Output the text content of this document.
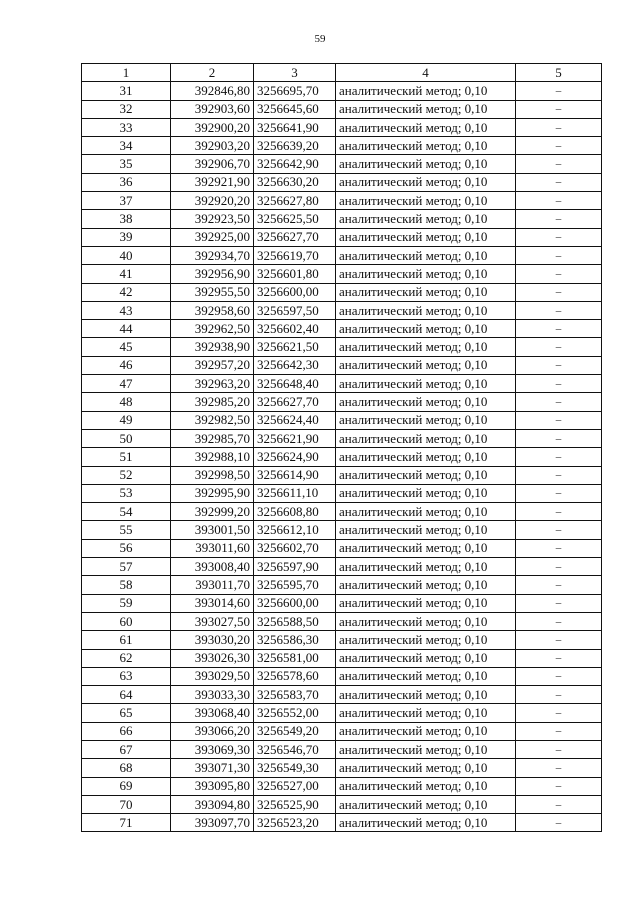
59
1	2	3	4	5
31	392846,80	3256695,70	аналитический метод; 0,10	–
32	392903,60	3256645,60	аналитический метод; 0,10	–
33	392900,20	3256641,90	аналитический метод; 0,10	–
34	392903,20	3256639,20	аналитический метод; 0,10	–
35	392906,70	3256642,90	аналитический метод; 0,10	–
36	392921,90	3256630,20	аналитический метод; 0,10	–
37	392920,20	3256627,80	аналитический метод; 0,10	–
38	392923,50	3256625,50	аналитический метод; 0,10	–
39	392925,00	3256627,70	аналитический метод; 0,10	–
40	392934,70	3256619,70	аналитический метод; 0,10	–
41	392956,90	3256601,80	аналитический метод; 0,10	–
42	392955,50	3256600,00	аналитический метод; 0,10	–
43	392958,60	3256597,50	аналитический метод; 0,10	–
44	392962,50	3256602,40	аналитический метод; 0,10	–
45	392938,90	3256621,50	аналитический метод; 0,10	–
46	392957,20	3256642,30	аналитический метод; 0,10	–
47	392963,20	3256648,40	аналитический метод; 0,10	–
48	392985,20	3256627,70	аналитический метод; 0,10	–
49	392982,50	3256624,40	аналитический метод; 0,10	–
50	392985,70	3256621,90	аналитический метод; 0,10	–
51	392988,10	3256624,90	аналитический метод; 0,10	–
52	392998,50	3256614,90	аналитический метод; 0,10	–
53	392995,90	3256611,10	аналитический метод; 0,10	–
54	392999,20	3256608,80	аналитический метод; 0,10	–
55	393001,50	3256612,10	аналитический метод; 0,10	–
56	393011,60	3256602,70	аналитический метод; 0,10	–
57	393008,40	3256597,90	аналитический метод; 0,10	–
58	393011,70	3256595,70	аналитический метод; 0,10	–
59	393014,60	3256600,00	аналитический метод; 0,10	–
60	393027,50	3256588,50	аналитический метод; 0,10	–
61	393030,20	3256586,30	аналитический метод; 0,10	–
62	393026,30	3256581,00	аналитический метод; 0,10	–
63	393029,50	3256578,60	аналитический метод; 0,10	–
64	393033,30	3256583,70	аналитический метод; 0,10	–
65	393068,40	3256552,00	аналитический метод; 0,10	–
66	393066,20	3256549,20	аналитический метод; 0,10	–
67	393069,30	3256546,70	аналитический метод; 0,10	–
68	393071,30	3256549,30	аналитический метод; 0,10	–
69	393095,80	3256527,00	аналитический метод; 0,10	–
70	393094,80	3256525,90	аналитический метод; 0,10	–
71	393097,70	3256523,20	аналитический метод; 0,10	–
